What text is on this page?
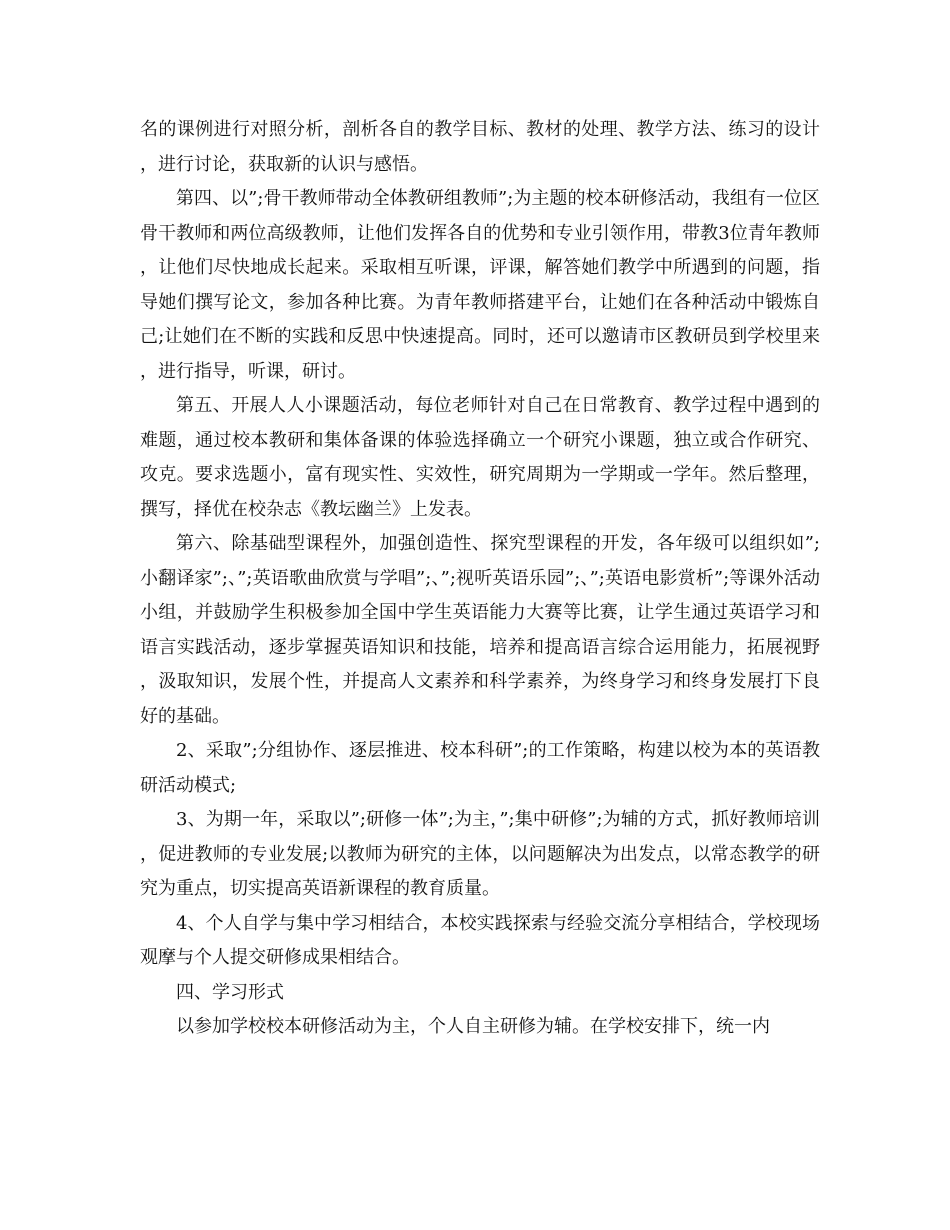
名的课例进行对照分析，剖析各自的教学目标、教材的处理、教学方法、练习的设计，进行讨论，获取新的认识与感悟。

第四、以”;骨干教师带动全体教研组教师”;为主题的校本研修活动，我组有一位区骨干教师和两位高级教师，让他们发挥各自的优势和专业引领作用，带教3位青年教师，让他们尽快地成长起来。采取相互听课，评课，解答她们教学中所遇到的问题，指导她们撰写论文，参加各种比赛。为青年教师搭建平台，让她们在各种活动中锻炼自己;让她们在不断的实践和反思中快速提高。同时，还可以邀请市区教研员到学校里来，进行指导，听课，研讨。

第五、开展人人小课题活动，每位老师针对自己在日常教育、教学过程中遇到的难题，通过校本教研和集体备课的体验选择确立一个研究小课题，独立或合作研究、攻克。要求选题小，富有现实性、实效性，研究周期为一学期或一学年。然后整理，撰写，择优在校杂志《教坛幽兰》上发表。

第六、除基础型课程外，加强创造性、探究型课程的开发，各年级可以组织如”;小翻译家”;、”;英语歌曲欣赏与学唱”;、”;视听英语乐园”;、”;英语电影赏析”;等课外活动小组，并鼓励学生积极参加全国中学生英语能力大赛等比赛，让学生通过英语学习和语言实践活动，逐步掌握英语知识和技能，培养和提高语言综合运用能力，拓展视野，汲取知识，发展个性，并提高人文素养和科学素养，为终身学习和终身发展打下良好的基础。

2、采取”;分组协作、逐层推进、校本科研”;的工作策略，构建以校为本的英语教研活动模式;

3、为期一年，采取以”;研修一体”;为主，”;集中研修”;为辅的方式，抓好教师培训，促进教师的专业发展;以教师为研究的主体，以问题解决为出发点，以常态教学的研究为重点，切实提高英语新课程的教育质量。

4、个人自学与集中学习相结合，本校实践探索与经验交流分享相结合，学校现场观摩与个人提交研修成果相结合。

四、学习形式

以参加学校校本研修活动为主，个人自主研修为辅。在学校安排下，统一内
